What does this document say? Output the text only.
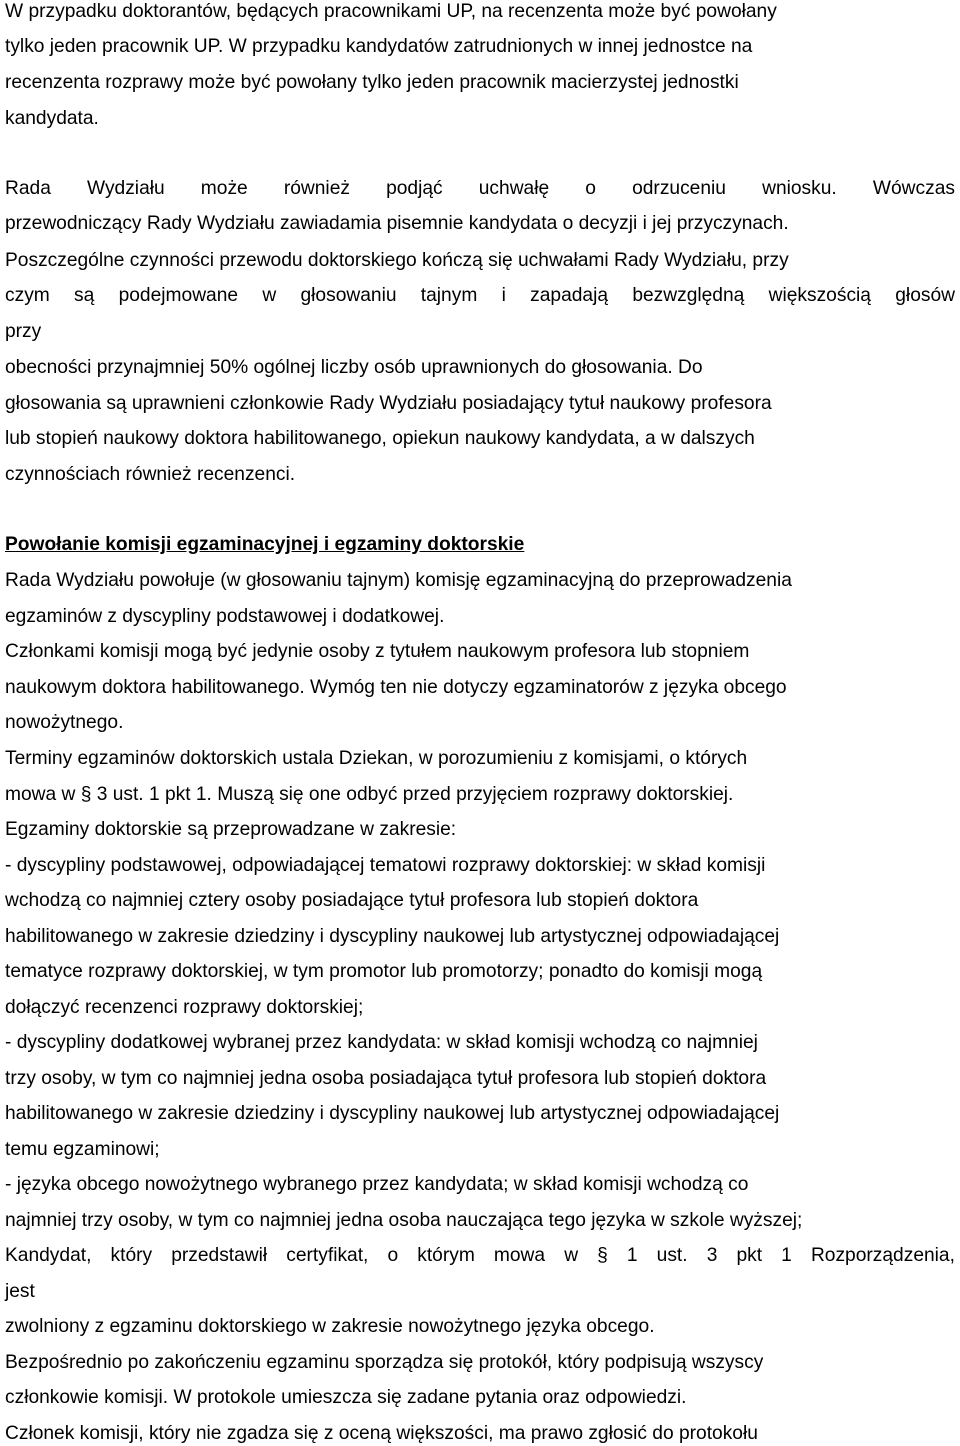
W przypadku doktorantów, będących pracownikami UP, na recenzenta może być powołany
tylko jeden pracownik UP. W przypadku kandydatów zatrudnionych w innej jednostce na
recenzenta rozprawy może być powołany tylko jeden pracownik macierzystej jednostki
kandydata.
Rada Wydziału może również podjąć uchwałę o odrzuceniu wniosku. Wówczas
przewodniczący Rady Wydziału zawiadamia pisemnie kandydata o decyzji i jej przyczynach.
Poszczególne czynności przewodu doktorskiego kończą się uchwałami Rady Wydziału, przy
czym są podejmowane w głosowaniu tajnym i zapadają bezwzględną większością głosów
przy
obecności przynajmniej 50% ogólnej liczby osób uprawnionych do głosowania. Do
głosowania są uprawnieni członkowie Rady Wydziału posiadający tytuł naukowy profesora
lub stopień naukowy doktora habilitowanego, opiekun naukowy kandydata, a w dalszych
czynnościach również recenzenci.
Powołanie komisji egzaminacyjnej i egzaminy doktorskie
Rada Wydziału powołuje (w głosowaniu tajnym) komisję egzaminacyjną do przeprowadzenia
egzaminów z dyscypliny podstawowej i dodatkowej.
Członkami komisji mogą być jedynie osoby z tytułem naukowym profesora lub stopniem
naukowym doktora habilitowanego. Wymóg ten nie dotyczy egzaminatorów z języka obcego
nowożytnego.
Terminy egzaminów doktorskich ustala Dziekan, w porozumieniu z komisjami, o których
mowa w § 3 ust. 1 pkt 1. Muszą się one odbyć przed przyjęciem rozprawy doktorskiej.
Egzaminy doktorskie są przeprowadzane w zakresie:
- dyscypliny podstawowej, odpowiadającej tematowi rozprawy doktorskiej: w skład komisji
wchodzą co najmniej cztery osoby posiadające tytuł profesora lub stopień doktora
habilitowanego w zakresie dziedziny i dyscypliny naukowej lub artystycznej odpowiadającej
tematyce rozprawy doktorskiej, w tym promotor lub promotorzy; ponadto do komisji mogą
dołączyć recenzenci rozprawy doktorskiej;
- dyscypliny dodatkowej wybranej przez kandydata: w skład komisji wchodzą co najmniej
trzy osoby, w tym co najmniej jedna osoba posiadająca tytuł profesora lub stopień doktora
habilitowanego w zakresie dziedziny i dyscypliny naukowej lub artystycznej odpowiadającej
temu egzaminowi;
- języka obcego nowożytnego wybranego przez kandydata; w skład komisji wchodzą co
najmniej trzy osoby, w tym co najmniej jedna osoba nauczająca tego języka w szkole wyższej;
Kandydat, który przedstawił certyfikat, o którym mowa w § 1 ust. 3 pkt 1 Rozporządzenia,
jest
zwolniony z egzaminu doktorskiego w zakresie nowożytnego języka obcego.
Bezpośrednio po zakończeniu egzaminu sporządza się protokół, który podpisują wszyscy
członkowie komisji. W protokole umieszcza się zadane pytania oraz odpowiedzi.
Członek komisji, który nie zgadza się z oceną większości, ma prawo zgłosić do protokołu
